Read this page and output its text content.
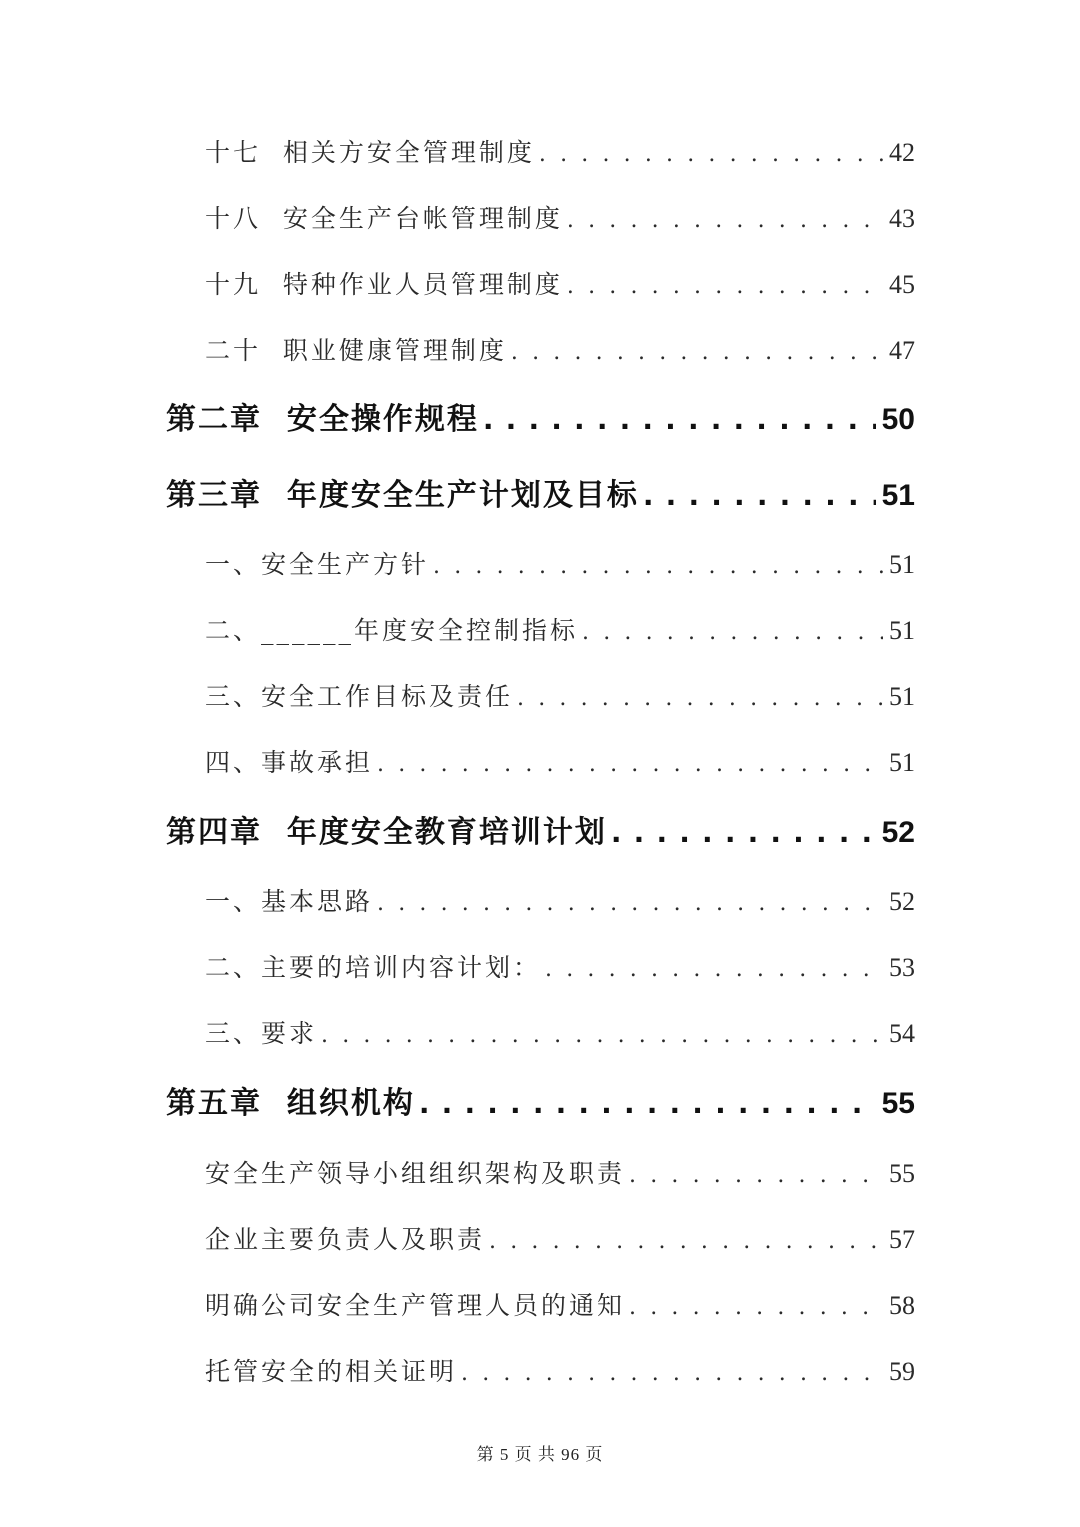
十七  相关方安全管理制度 . . .	42
十八  安全生产台帐管理制度 . . .	43
十九  特种作业人员管理制度 . . .	45
二十  职业健康管理制度 . . .	47
第二章  安全操作规程 . . .	50
第三章  年度安全生产计划及目标 . . .	51
一、安全生产方针 . . .	51
二、______年度安全控制指标 . . .	51
三、安全工作目标及责任 . . .	51
四、事故承担 . . .	51
第四章  年度安全教育培训计划 . . .	52
一、基本思路 . . .	52
二、主要的培训内容计划： . . .	53
三、要求 . . .	54
第五章  组织机构 . . .	55
安全生产领导小组组织架构及职责 . . .	55
企业主要负责人及职责 . . .	57
明确公司安全生产管理人员的通知 . . .	58
托管安全的相关证明 . . .	59
第 5 页 共 96 页
